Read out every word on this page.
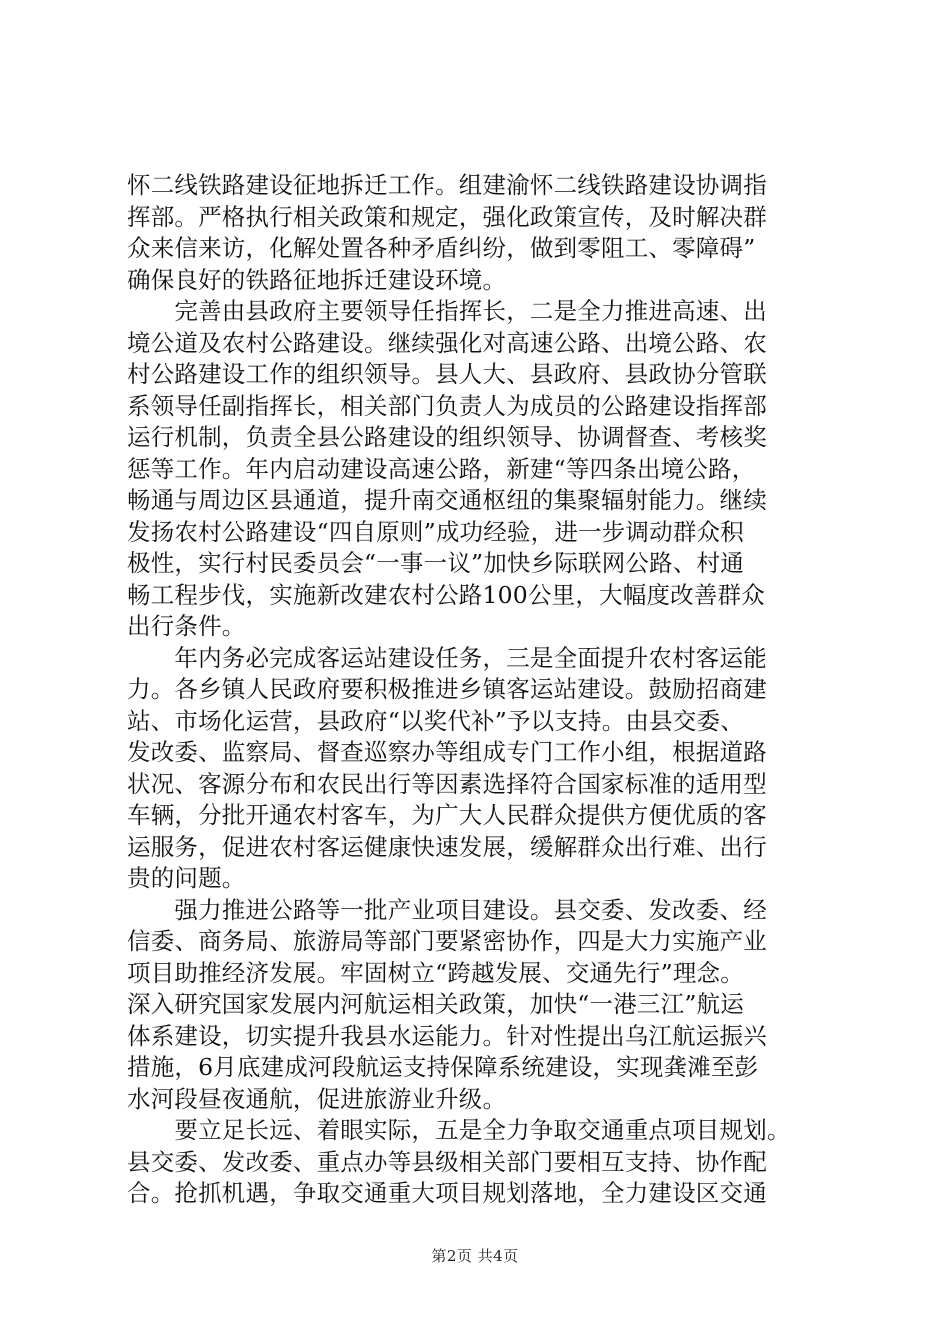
怀二线铁路建设征地拆迁工作。组建渝怀二线铁路建设协调指
挥部。严格执行相关政策和规定，强化政策宣传，及时解决群
众来信来访，化解处置各种矛盾纠纷，做到零阻工、零障碍”
确保良好的铁路征地拆迁建设环境。
　　完善由县政府主要领导任指挥长，二是全力推进高速、出
境公道及农村公路建设。继续强化对高速公路、出境公路、农
村公路建设工作的组织领导。县人大、县政府、县政协分管联
系领导任副指挥长，相关部门负责人为成员的公路建设指挥部
运行机制，负责全县公路建设的组织领导、协调督查、考核奖
惩等工作。年内启动建设高速公路，新建“等四条出境公路，
畅通与周边区县通道，提升南交通枢纽的集聚辐射能力。继续
发扬农村公路建设“四自原则”成功经验，进一步调动群众积
极性，实行村民委员会“一事一议”加快乡际联网公路、村通
畅工程步伐，实施新改建农村公路100公里，大幅度改善群众
出行条件。
　　年内务必完成客运站建设任务，三是全面提升农村客运能
力。各乡镇人民政府要积极推进乡镇客运站建设。鼓励招商建
站、市场化运营，县政府“以奖代补”予以支持。由县交委、
发改委、监察局、督查巡察办等组成专门工作小组，根据道路
状况、客源分布和农民出行等因素选择符合国家标准的适用型
车辆，分批开通农村客车，为广大人民群众提供方便优质的客
运服务，促进农村客运健康快速发展，缓解群众出行难、出行
贵的问题。
　　强力推进公路等一批产业项目建设。县交委、发改委、经
信委、商务局、旅游局等部门要紧密协作，四是大力实施产业
项目助推经济发展。牢固树立“跨越发展、交通先行”理念。
深入研究国家发展内河航运相关政策，加快“一港三江”航运
体系建设，切实提升我县水运能力。针对性提出乌江航运振兴
措施，6月底建成河段航运支持保障系统建设，实现龚滩至彭
水河段昼夜通航，促进旅游业升级。
　　要立足长远、着眼实际，五是全力争取交通重点项目规划。
县交委、发改委、重点办等县级相关部门要相互支持、协作配
合。抢抓机遇，争取交通重大项目规划落地，全力建设区交通
第2页 共4页
